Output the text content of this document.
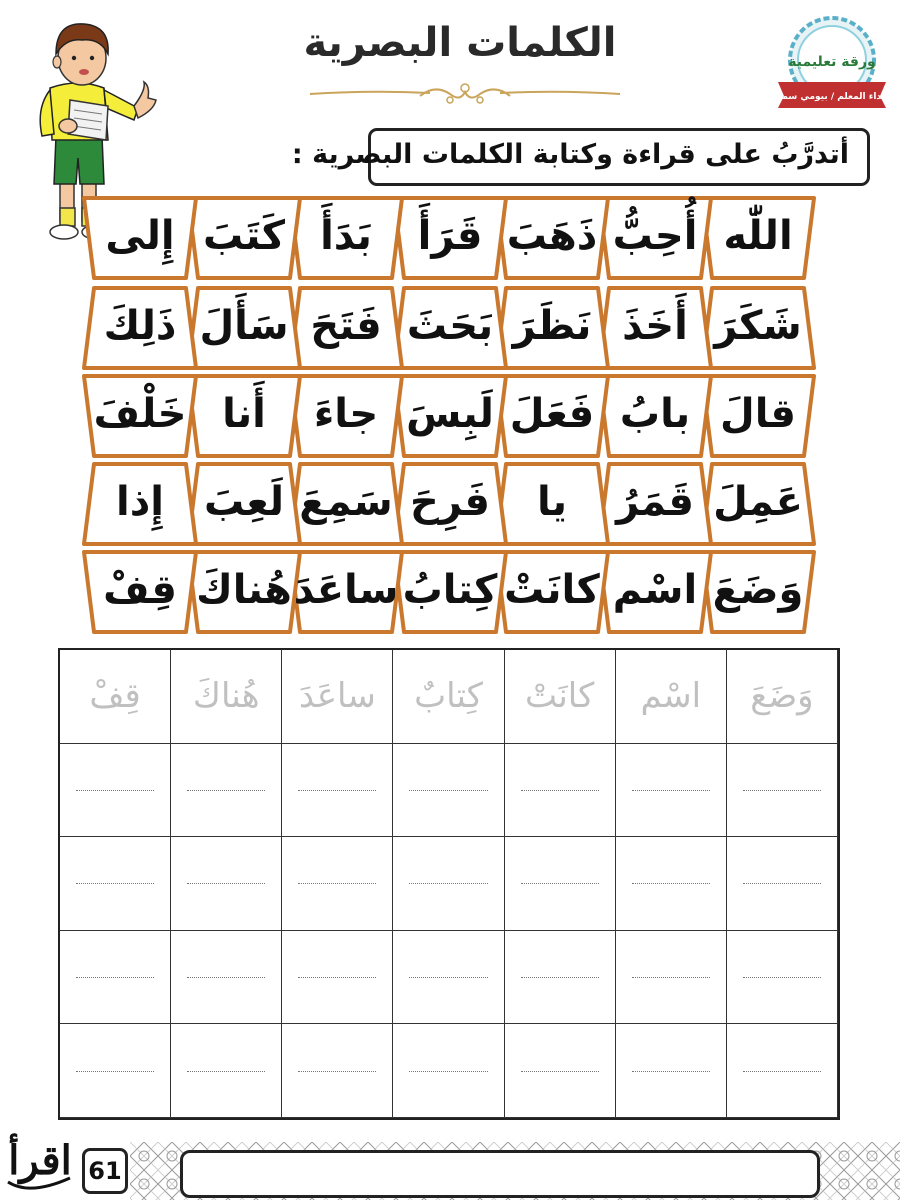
الكلمات البصرية	ورقة تعليمية
• اهداء المعلم / بيومي سمير •
أتدرَّبُ على قراءة وكتابة الكلمات البصرية :
اللّٰه
أُحِبُّ
ذَهَبَ
قَرَأَ
بَدَأَ
كَتَبَ
إِلى
شَكَرَ
أَخَذَ
نَظَرَ
بَحَثَ
فَتَحَ
سَأَلَ
ذَلِكَ
قالَ
بابُ
فَعَلَ
لَبِسَ
جاءَ
أَنا
خَلْفَ
عَمِلَ
قَمَرُ
يا
فَرِحَ
سَمِعَ
لَعِبَ
إِذا
وَضَعَ
اسْم
كانَتْ
كِتابُ
ساعَدَ
هُناكَ
قِفْ
وَضَعَ
اسْم
كانَتْ
كِتابٌ
ساعَدَ
هُناكَ
قِفْ
61
اقرأ
